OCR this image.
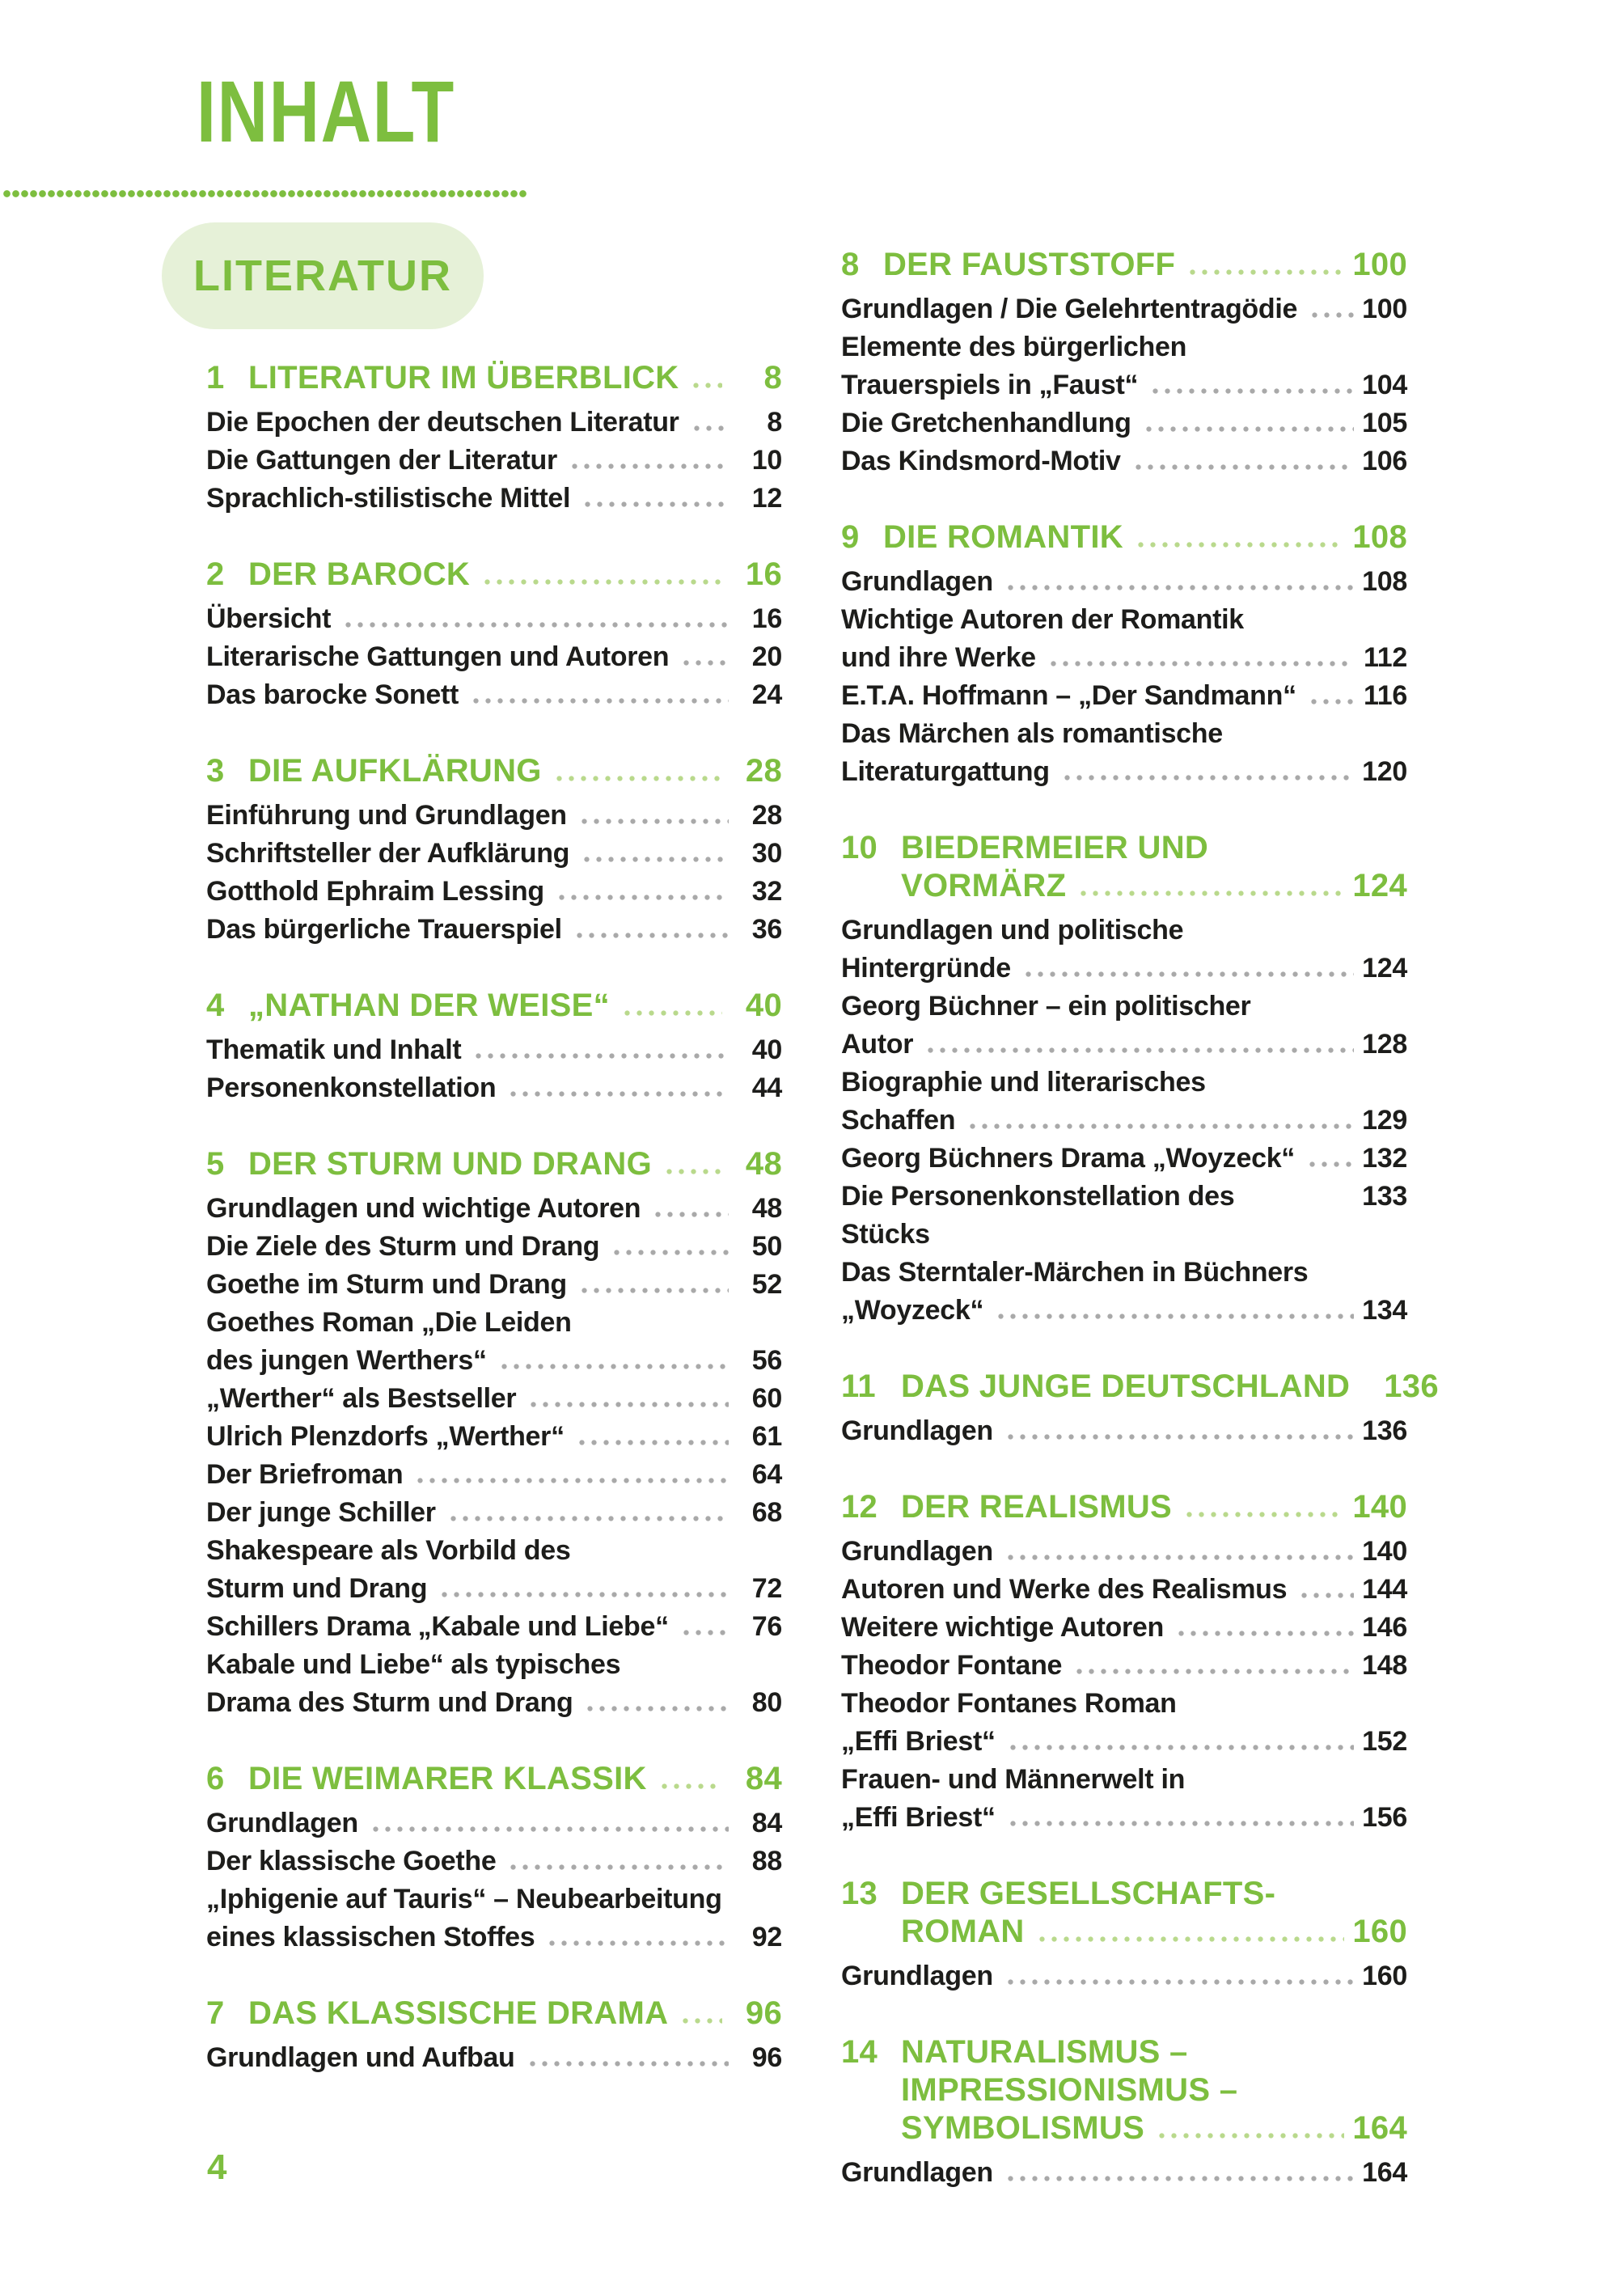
INHALT
LITERATUR
1 LITERATUR IM ÜBERBLICK	8
Die Epochen der deutschen Literatur	8
Die Gattungen der Literatur	10
Sprachlich-stilistische Mittel	12
2 DER BAROCK	16
Übersicht	16
Literarische Gattungen und Autoren	20
Das barocke Sonett	24
3 DIE AUFKLÄRUNG	28
Einführung und Grundlagen	28
Schriftsteller der Aufklärung	30
Gotthold Ephraim Lessing	32
Das bürgerliche Trauerspiel	36
4 „NATHAN DER WEISE“	40
Thematik und Inhalt	40
Personenkonstellation	44
5 DER STURM UND DRANG	48
Grundlagen und wichtige Autoren	48
Die Ziele des Sturm und Drang	50
Goethe im Sturm und Drang	52
Goethes Roman „Die Leiden
des jungen Werthers“	56
„Werther“ als Bestseller	60
Ulrich Plenzdorfs „Werther“	61
Der Briefroman	64
Der junge Schiller	68
Shakespeare als Vorbild des
Sturm und Drang	72
Schillers Drama „Kabale und Liebe“	76
Kabale und Liebe“ als typisches
Drama des Sturm und Drang	80
6 DIE WEIMARER KLASSIK	84
Grundlagen	84
Der klassische Goethe	88
„Iphigenie auf Tauris“ – Neubearbeitung
eines klassischen Stoffes	92
7 DAS KLASSISCHE DRAMA	96
Grundlagen und Aufbau	96
8 DER FAUSTSTOFF	100
Grundlagen / Die Gelehrtentragödie 100
Elemente des bürgerlichen
Trauerspiels in „Faust“	104
Die Gretchenhandlung	105
Das Kindsmord-Motiv	106
9 DIE ROMANTIK	108
Grundlagen	108
Wichtige Autoren der Romantik
und ihre Werke	112
E.T.A. Hoffmann – „Der Sandmann“ 116
Das Märchen als romantische
Literaturgattung	120
10 BIEDERMEIER UND
VORMÄRZ	124
Grundlagen und politische
Hintergründe	124
Georg Büchner – ein politischer
Autor	128
Biographie und literarisches
Schaffen	129
Georg Büchners Drama „Woyzeck“ 132
Die Personenkonstellation des Stücks
133
Das Sterntaler-Märchen in Büchners
„Woyzeck“	134
11 DAS JUNGE DEUTSCHLAND 136
Grundlagen	136
12 DER REALISMUS	140
Grundlagen	140
Autoren und Werke des Realismus	144
Weitere wichtige Autoren	146
Theodor Fontane	148
Theodor Fontanes Roman
„Effi Briest“	152
Frauen- und Männerwelt in
„Effi Briest“	156
13 DER GESELLSCHAFTS-
ROMAN	160
Grundlagen	160
14 NATURALISMUS –
IMPRESSIONISMUS –
SYMBOLISMUS	164
Grundlagen	164
4
